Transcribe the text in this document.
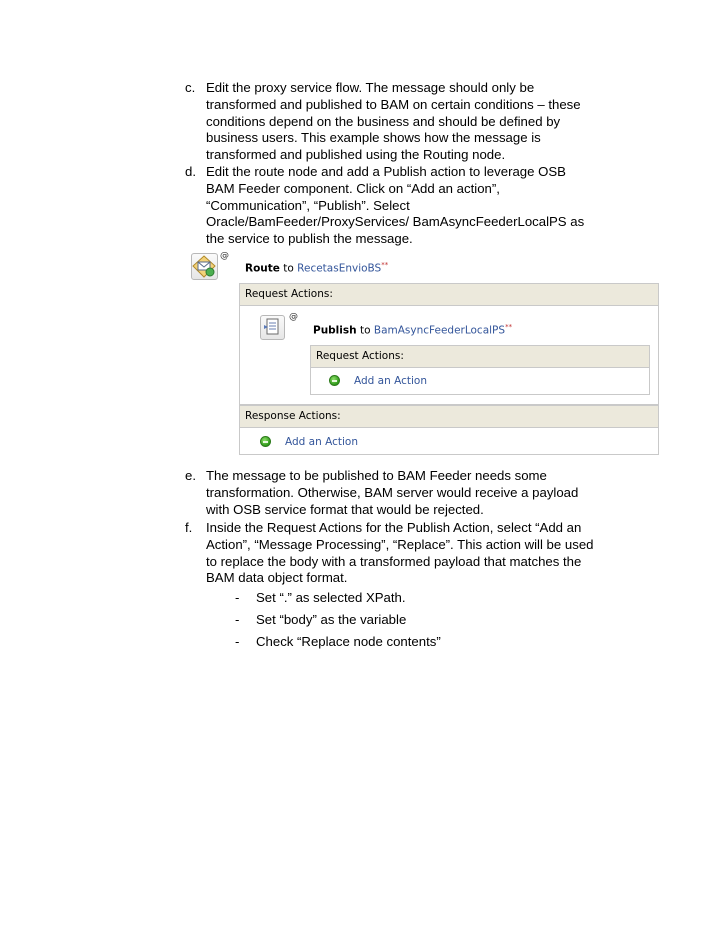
c. Edit the proxy service flow. The message should only be
transformed and published to BAM on certain conditions – these
conditions depend on the business and should be defined by
business users. This example shows how the message is
transformed and published using the Routing node.
d. Edit the route node and add a Publish action to leverage OSB
BAM Feeder component. Click on “Add an action”,
“Communication”, “Publish”. Select
Oracle/BamFeeder/ProxyServices/ BamAsyncFeederLocalPS as
the service to publish the message.
@
Route to RecetasEnvioBS**
Request Actions:
@
Publish to BamAsyncFeederLocalPS**
Request Actions:
Add an Action
Response Actions:
Add an Action
e. The message to be published to BAM Feeder needs some
transformation. Otherwise, BAM server would receive a payload
with OSB service format that would be rejected.
f. Inside the Request Actions for the Publish Action, select “Add an
Action”, “Message Processing”, “Replace”. This action will be used
to replace the body with a transformed payload that matches the
BAM data object format.
- Set “.” as selected XPath.
- Set “body” as the variable
- Check “Replace node contents”
